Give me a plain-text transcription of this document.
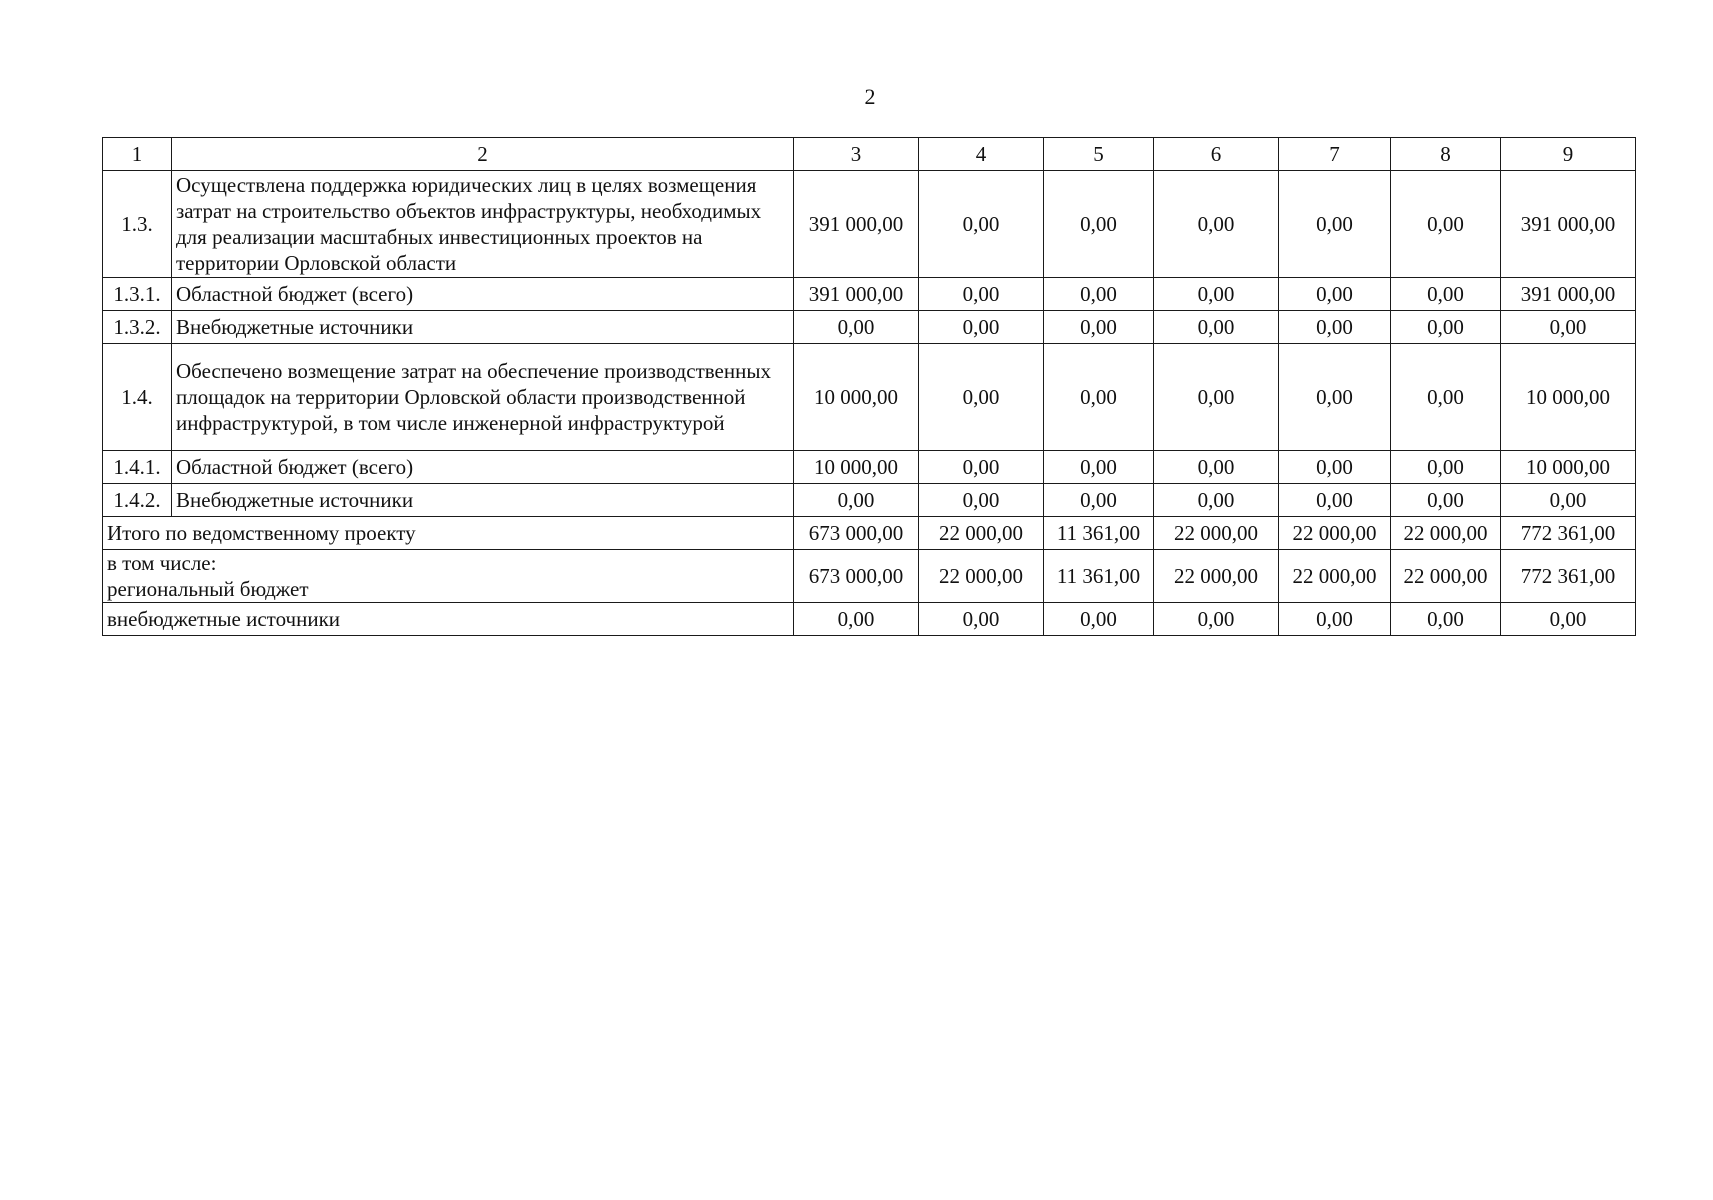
2
1	2	3	4	5	6	7	8	9
1.3.	Осуществлена поддержка юридических лиц в целях возмещения затрат на строительство объектов инфраструктуры, необходимых для реализации масштабных инвестиционных проектов на территории Орловской области	391 000,00	0,00	0,00	0,00	0,00	0,00	391 000,00
1.3.1.	Областной бюджет (всего)	391 000,00	0,00	0,00	0,00	0,00	0,00	391 000,00
1.3.2.	Внебюджетные источники	0,00	0,00	0,00	0,00	0,00	0,00	0,00
1.4.	Обеспечено возмещение затрат на обеспечение производственных площадок на территории Орловской области производственной инфраструктурой, в том числе инженерной инфраструктурой	10 000,00	0,00	0,00	0,00	0,00	0,00	10 000,00
1.4.1.	Областной бюджет (всего)	10 000,00	0,00	0,00	0,00	0,00	0,00	10 000,00
1.4.2.	Внебюджетные источники	0,00	0,00	0,00	0,00	0,00	0,00	0,00
Итого по ведомственному проекту		673 000,00	22 000,00	11 361,00	22 000,00	22 000,00	22 000,00	772 361,00

в том числе:
региональный бюджет		673 000,00	22 000,00	11 361,00	22 000,00	22 000,00	22 000,00	772 361,00
внебюджетные источники		0,00	0,00	0,00	0,00	0,00	0,00	0,00
